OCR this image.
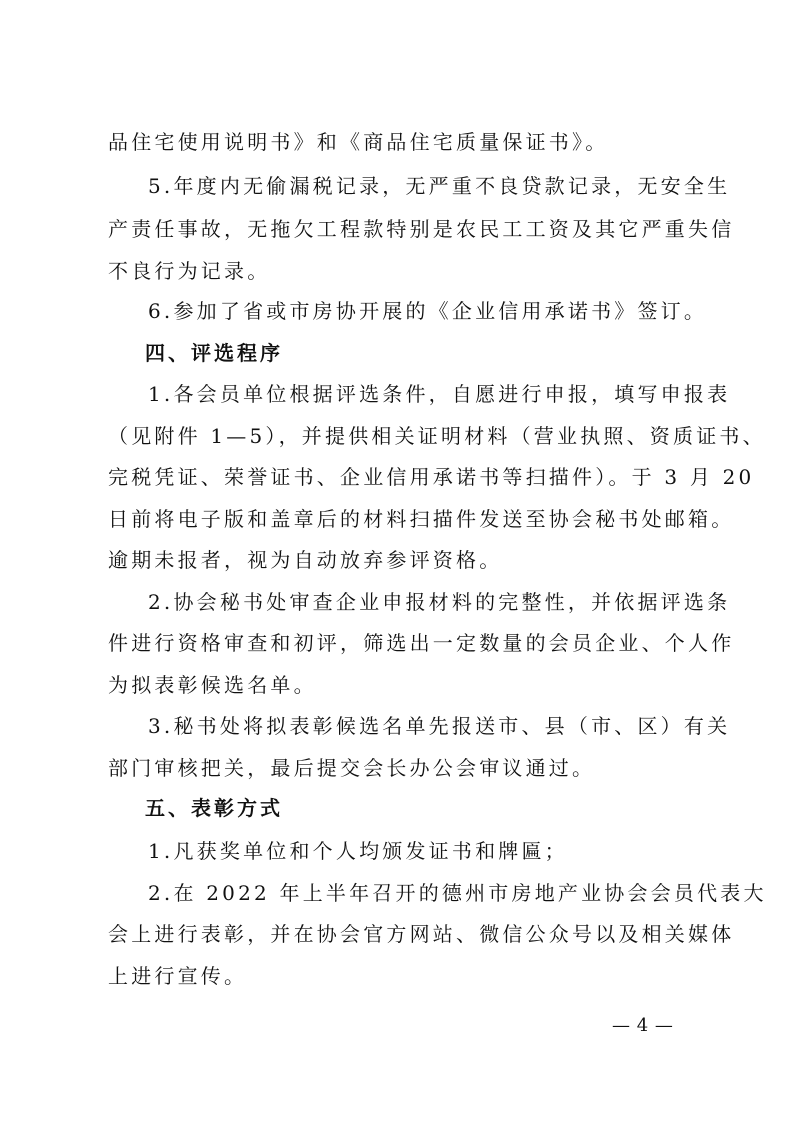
品住宅使用说明书》和《商品住宅质量保证书》。
5.年度内无偷漏税记录，无严重不良贷款记录，无安全生
产责任事故，无拖欠工程款特别是农民工工资及其它严重失信
不良行为记录。
6.参加了省或市房协开展的《企业信用承诺书》签订。
四、评选程序
1.各会员单位根据评选条件，自愿进行申报，填写申报表
（见附件 1—5），并提供相关证明材料（营业执照、资质证书、
完税凭证、荣誉证书、企业信用承诺书等扫描件）。于 3 月 20
日前将电子版和盖章后的材料扫描件发送至协会秘书处邮箱。
逾期未报者，视为自动放弃参评资格。
2.协会秘书处审查企业申报材料的完整性，并依据评选条
件进行资格审查和初评，筛选出一定数量的会员企业、个人作
为拟表彰候选名单。
3.秘书处将拟表彰候选名单先报送市、县（市、区）有关
部门审核把关，最后提交会长办公会审议通过。
五、表彰方式
1.凡获奖单位和个人均颁发证书和牌匾；
2.在 2022 年上半年召开的德州市房地产业协会会员代表大
会上进行表彰，并在协会官方网站、微信公众号以及相关媒体
上进行宣传。
— 4 —
